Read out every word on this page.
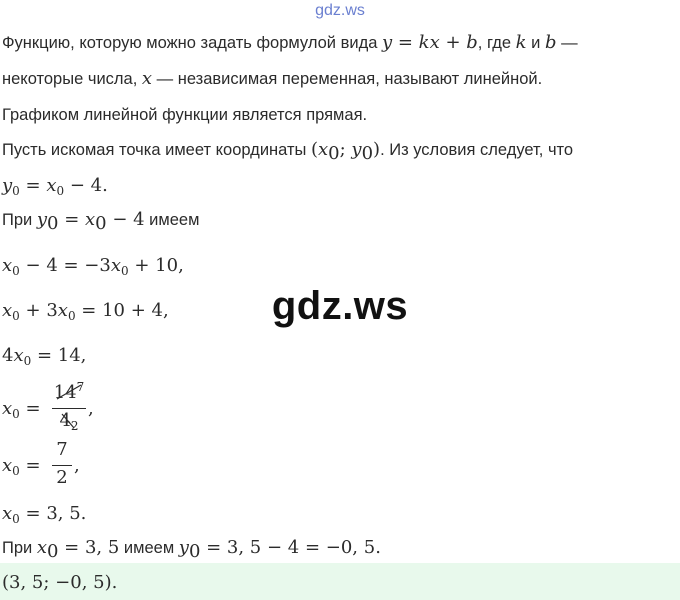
gdz.ws
Функцию, которую можно задать формулой вида y = kx + b, где k и b —
некоторые числа, x — независимая переменная, называют линейной.
Графиком линейной функции является прямая.
Пусть искомая точка имеет координаты ($x_0$; $y_0$). Из условия следует, что
$y_0 = x_0 - 4$.
При $y_0 = x_0 - 4$ имеем
$x_0 - 4 = -3x_0 + 10$,
$x_0 + 3x_0 = 10 + 4$,	gdz.ws
$4x_0 = 14$,
$x_0$ =
$14^7$
$4_2$
,
$x_0$ =
7
2
,
$x_0 = 3$, 5.
При $x_0 = 3$, 5 имеем $y_0 = 3$, 5 − 4 = −0, 5.
(3, 5; −0, 5).
